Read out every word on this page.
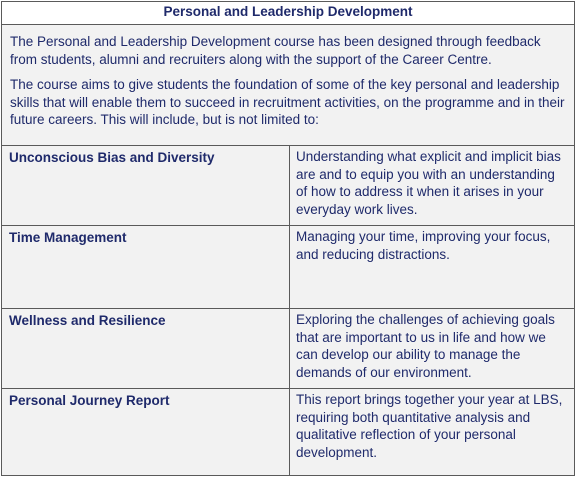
Personal and Leadership Development

The Personal and Leadership Development course has been designed through feedback from students, alumni and recruiters along with the support of the Career Centre.

The course aims to give students the foundation of some of the key personal and leadership skills that will enable them to succeed in recruitment activities, on the programme and in their future careers. This will include, but is not limited to:

Unconscious Bias and Diversity	Understanding what explicit and implicit bias are and to equip you with an understanding of how to address it when it arises in your everyday work lives.
Time Management	Managing your time, improving your focus, and reducing distractions.
Wellness and Resilience	Exploring the challenges of achieving goals that are important to us in life and how we can develop our ability to manage the demands of our environment.
Personal Journey Report	This report brings together your year at LBS, requiring both quantitative analysis and qualitative reflection of your personal development.
